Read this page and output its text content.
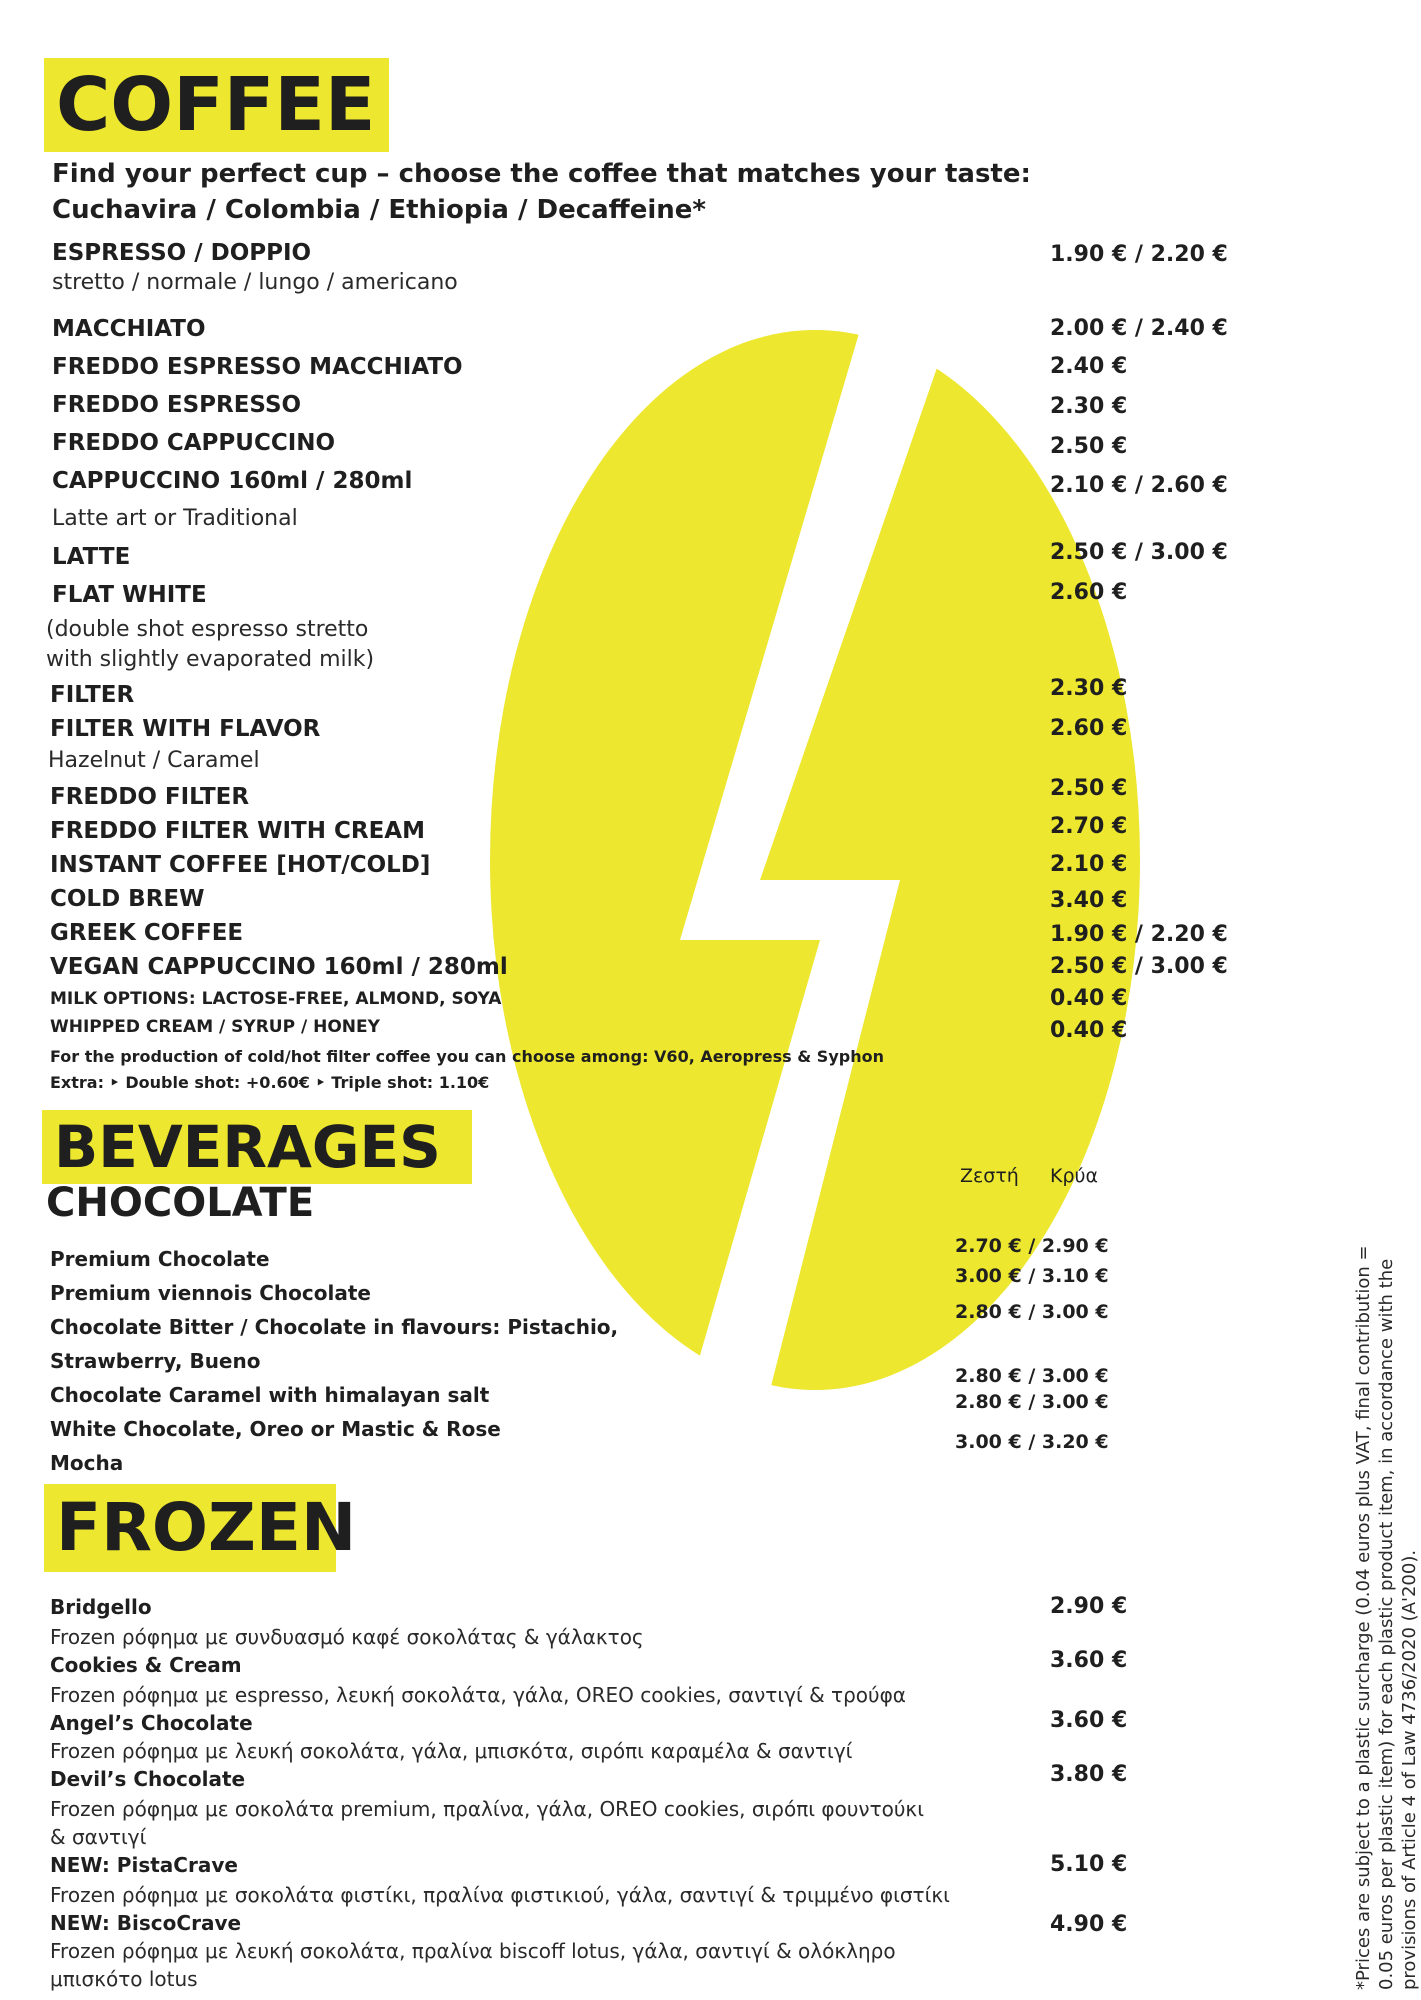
COFFEE
Find your perfect cup – choose the coffee that matches your taste:
Cuchavira / Colombia / Ethiopia / Decaffeine*
ESPRESSO / DOPPIO	1.90 € / 2.20 €
stretto / normale / lungo / americano
MACCHIATO	2.00 € / 2.40 €
FREDDO ESPRESSO MACCHIATO	2.40 €
FREDDO ESPRESSO	2.30 €
FREDDO CAPPUCCINO	2.50 €
CAPPUCCINO 160ml / 280ml	2.10 € / 2.60 €
Latte art or Traditional
LATTE	2.50 € / 3.00 €
FLAT WHITE	2.60 €
(double shot espresso stretto
with slightly evaporated milk)
FILTER	2.30 €
FILTER WITH FLAVOR	2.60 €
Hazelnut / Caramel
FREDDO FILTER	2.50 €
FREDDO FILTER WITH CREAM	2.70 €
INSTANT COFFEE [HOT/COLD]	2.10 €
COLD BREW	3.40 €
GREEK COFFEE	1.90 € / 2.20 €
VEGAN CAPPUCCINO 160ml / 280ml	2.50 € / 3.00 €
MILK OPTIONS: LACTOSE-FREE, ALMOND, SOYA	0.40 €
WHIPPED CREAM / SYRUP / HONEY	0.40 €
For the production of cold/hot filter coffee you can choose among: V60, Aeropress & Syphon
Extra: ‣ Double shot: +0.60€ ‣ Triple shot: 1.10€
BEVERAGES
CHOCOLATE
Ζεστή Κρύα
Premium Chocolate
2.70 € / 2.90 €
Premium viennois Chocolate
3.00 € / 3.10 €
Chocolate Bitter / Chocolate in flavours: Pistachio,
Strawberry, Bueno
2.80 € / 3.00 €
Chocolate Caramel with himalayan salt
2.80 € / 3.00 €
White Chocolate, Oreo or Mastic & Rose
2.80 € / 3.00 €
Mocha
3.00 € / 3.20 €
FROZEN
Bridgello	2.90 €
Frozen ρόφημα με συνδυασμό καφέ σοκολάτας & γάλακτος
Cookies & Cream	3.60 €
Frozen ρόφημα με espresso, λευκή σοκολάτα, γάλα, OREO cookies, σαντιγί & τρούφα
Angel’s Chocolate	3.60 €
Frozen ρόφημα με λευκή σοκολάτα, γάλα, μπισκότα, σιρόπι καραμέλα & σαντιγί
Devil’s Chocolate	3.80 €
Frozen ρόφημα με σοκολάτα premium, πραλίνα, γάλα, OREO cookies, σιρόπι φουντούκι
& σαντιγί
NEW: PistaCrave	5.10 €
Frozen ρόφημα με σοκολάτα φιστίκι, πραλίνα φιστικιού, γάλα, σαντιγί & τριμμένο φιστίκι
NEW: BiscoCrave	4.90 €
Frozen ρόφημα με λευκή σοκολάτα, πραλίνα biscoff lotus, γάλα, σαντιγί & ολόκληρο
μπισκότο lotus	*Prices are subject to a plastic surcharge (0.04 euros plus VAT, final contribution = 0.05 euros per plastic item) for each plastic product item, in accordance with the provisions of Article 4 of Law 4736/2020 (A'200).
